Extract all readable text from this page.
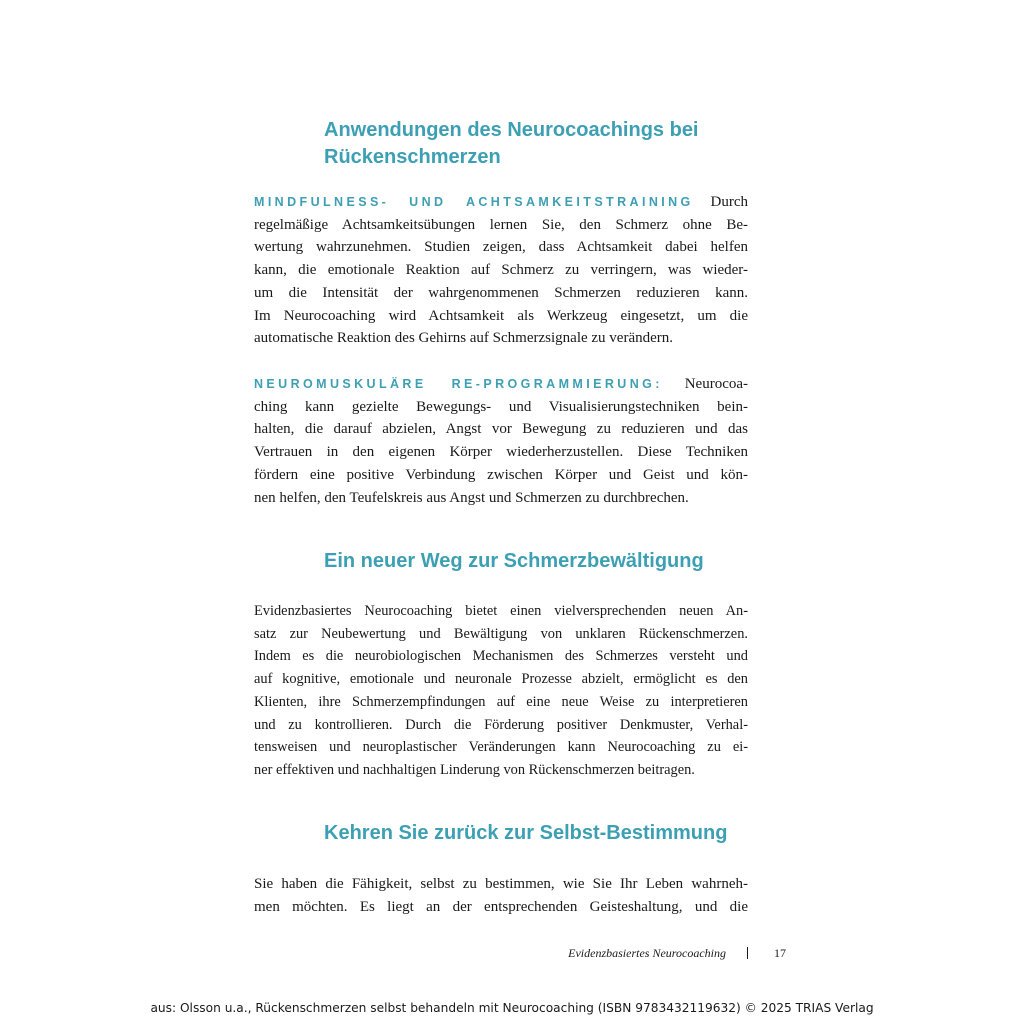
Anwendungen des Neurocoachings bei
Rückenschmerzen

MINDFULNESS- UND ACHTSAMKEITSTRAINING Durch
regelmäßige Achtsamkeitsübungen lernen Sie, den Schmerz ohne Be-
wertung wahrzunehmen. Studien zeigen, dass Achtsamkeit dabei helfen
kann, die emotionale Reaktion auf Schmerz zu verringern, was wieder-
um die Intensität der wahrgenommenen Schmerzen reduzieren kann.
Im Neurocoaching wird Achtsamkeit als Werkzeug eingesetzt, um die
automatische Reaktion des Gehirns auf Schmerzsignale zu verändern.

NEUROMUSKULÄRE RE-PROGRAMMIERUNG: Neurocoa-
ching kann gezielte Bewegungs- und Visualisierungstechniken bein-
halten, die darauf abzielen, Angst vor Bewegung zu reduzieren und das
Vertrauen in den eigenen Körper wiederherzustellen. Diese Techniken
fördern eine positive Verbindung zwischen Körper und Geist und kön-
nen helfen, den Teufelskreis aus Angst und Schmerzen zu durchbrechen.

Ein neuer Weg zur Schmerzbewältigung

Evidenzbasiertes Neurocoaching bietet einen vielversprechenden neuen An-
satz zur Neubewertung und Bewältigung von unklaren Rückenschmerzen.
Indem es die neurobiologischen Mechanismen des Schmerzes versteht und
auf kognitive, emotionale und neuronale Prozesse abzielt, ermöglicht es den
Klienten, ihre Schmerzempfindungen auf eine neue Weise zu interpretieren
und zu kontrollieren. Durch die Förderung positiver Denkmuster, Verhal-
tensweisen und neuroplastischer Veränderungen kann Neurocoaching zu ei-
ner effektiven und nachhaltigen Linderung von Rückenschmerzen beitragen.

Kehren Sie zurück zur Selbst-Bestimmung

Sie haben die Fähigkeit, selbst zu bestimmen, wie Sie Ihr Leben wahrneh-
men möchten. Es liegt an der entsprechenden Geisteshaltung, und die

Evidenzbasiertes Neurocoaching	17
aus: Olsson u.a., Rückenschmerzen selbst behandeln mit Neurocoaching (ISBN 9783432119632) © 2025 TRIAS Verlag
